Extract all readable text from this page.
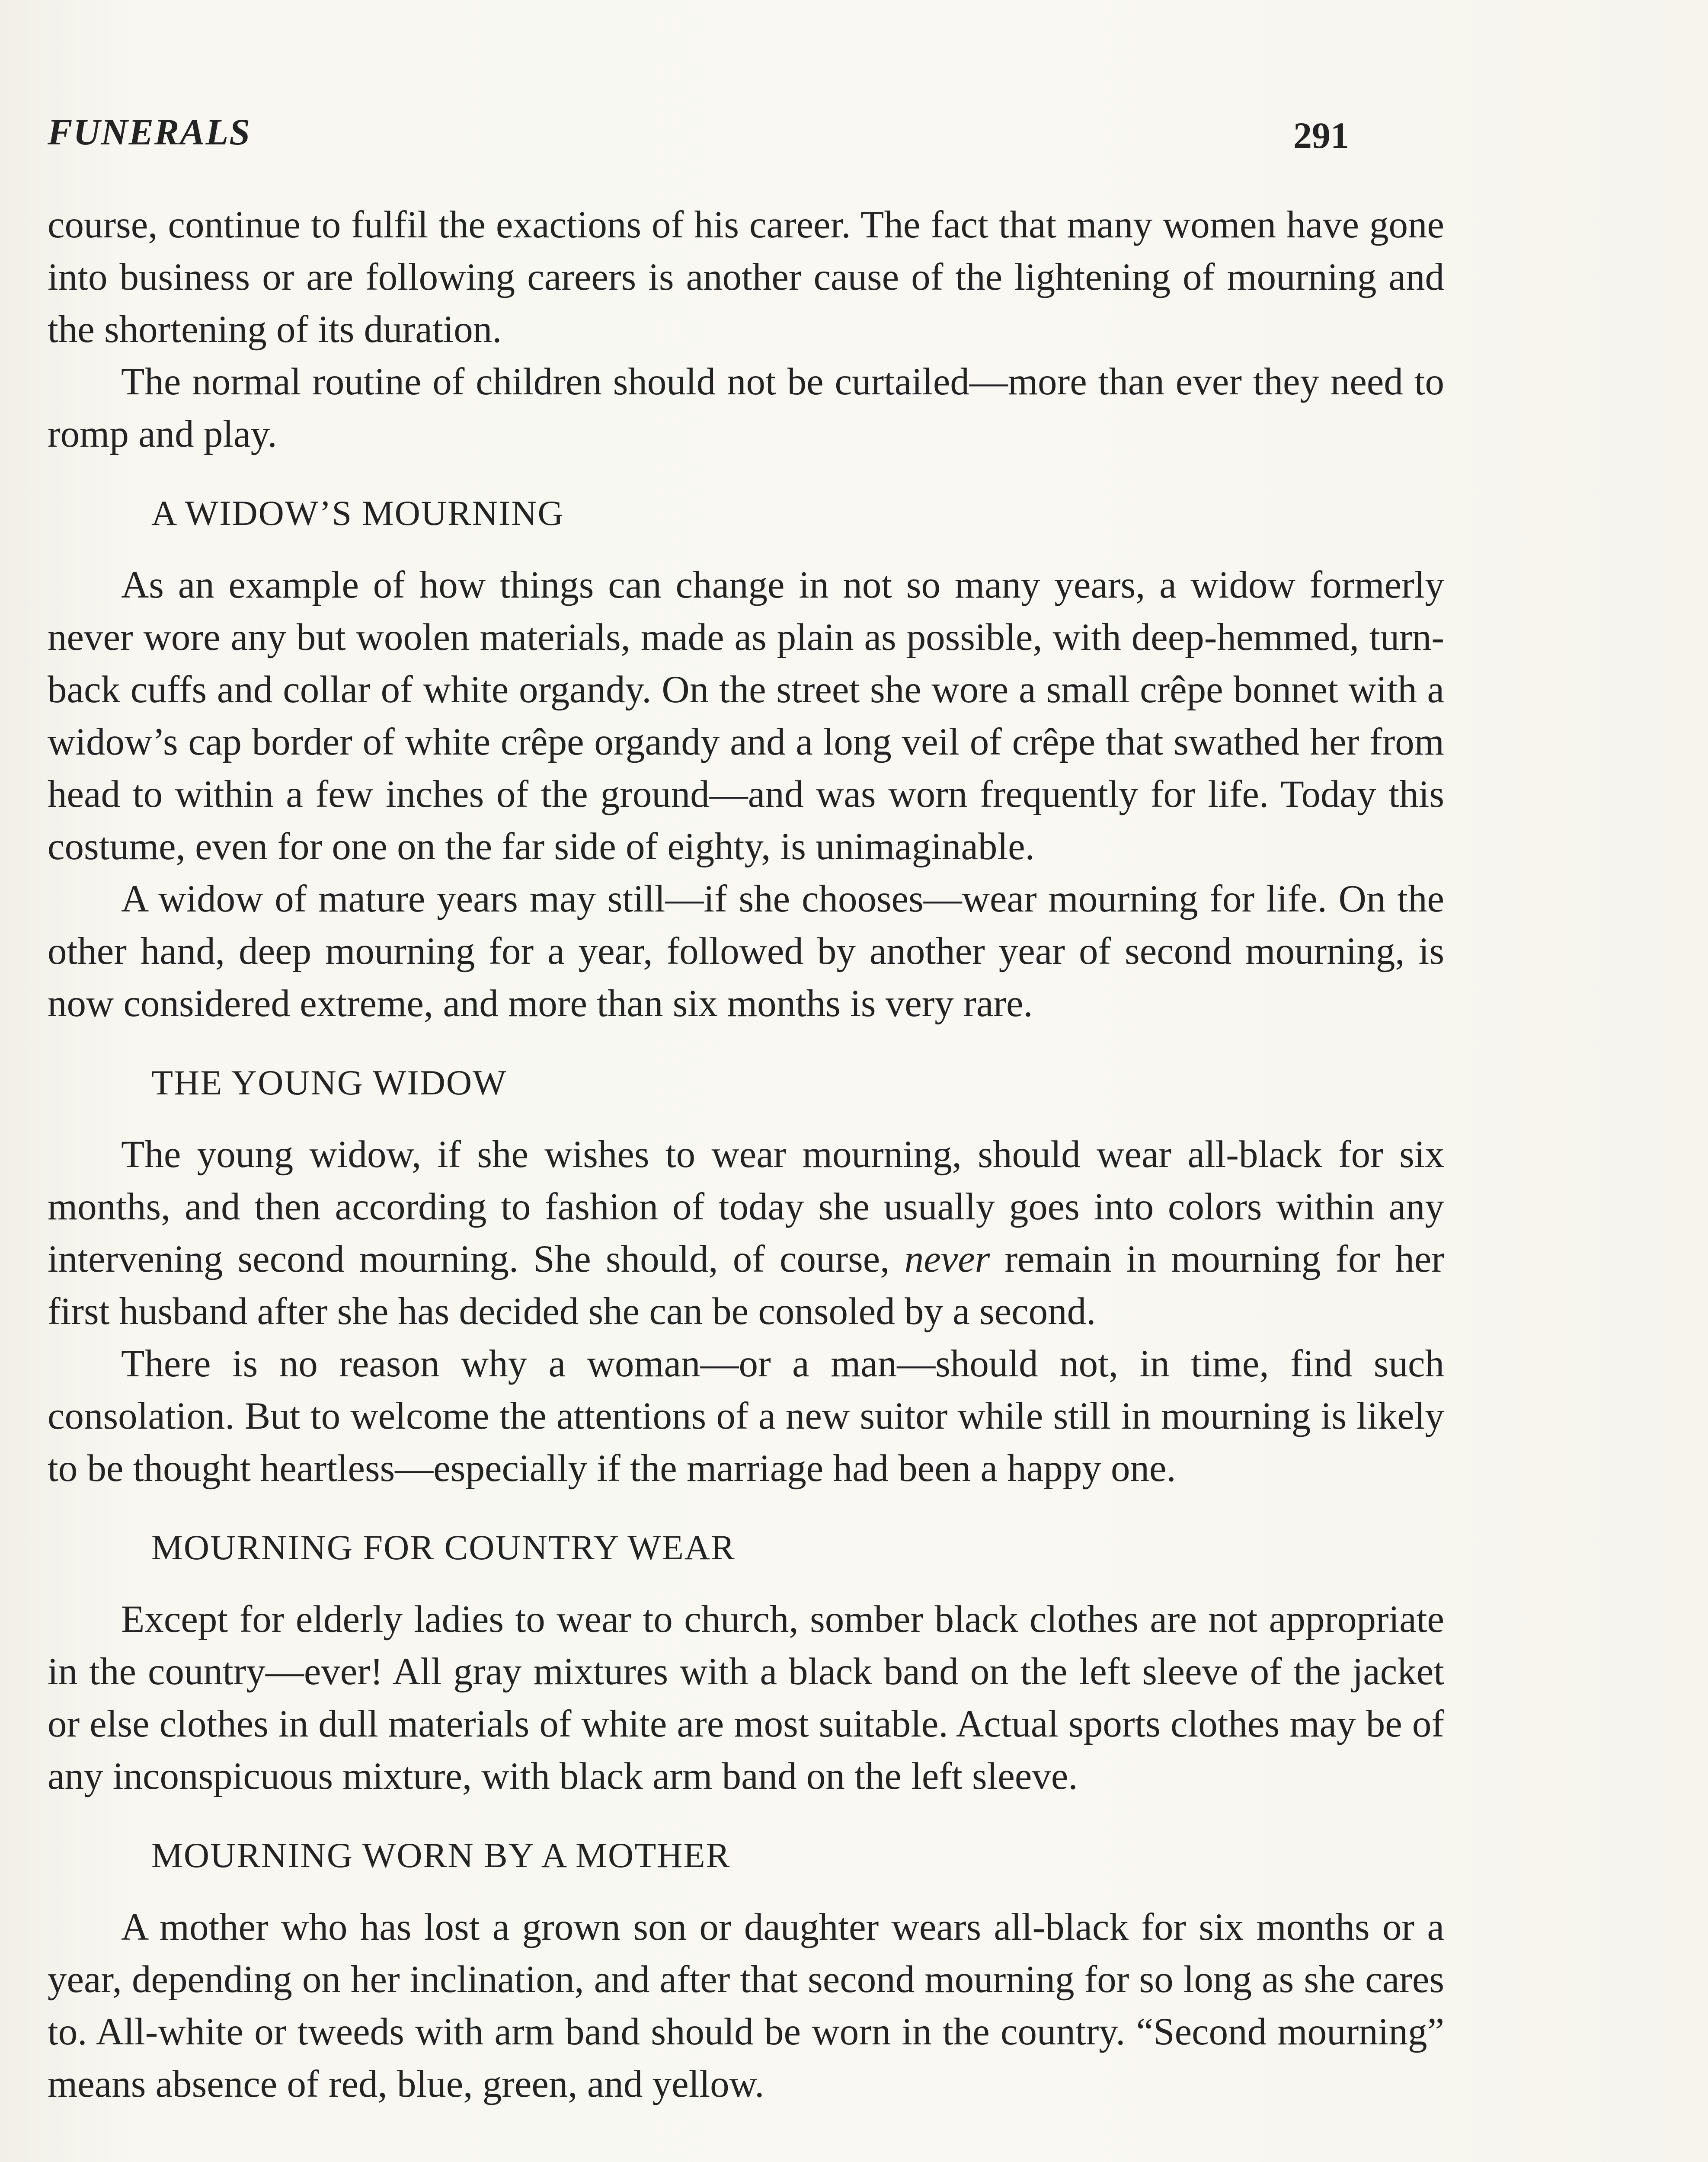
FUNERALS	291

course, continue to fulfil the exactions of his career. The fact that many women have gone into business or are following careers is another cause of the lightening of mourning and the shortening of its duration.

The normal routine of children should not be curtailed—more than ever they need to romp and play.

A WIDOW’S MOURNING

As an example of how things can change in not so many years, a widow formerly never wore any but woolen materials, made as plain as possible, with deep-hemmed, turn-back cuffs and collar of white organdy. On the street she wore a small crêpe bonnet with a widow’s cap border of white crêpe organdy and a long veil of crêpe that swathed her from head to within a few inches of the ground—and was worn frequently for life. Today this costume, even for one on the far side of eighty, is unimaginable.

A widow of mature years may still—if she chooses—wear mourning for life. On the other hand, deep mourning for a year, followed by another year of second mourning, is now considered extreme, and more than six months is very rare.

THE YOUNG WIDOW

The young widow, if she wishes to wear mourning, should wear all-black for six months, and then according to fashion of today she usually goes into colors within any intervening second mourning. She should, of course, never remain in mourning for her first husband after she has decided she can be consoled by a second.

There is no reason why a woman—or a man—should not, in time, find such consolation. But to welcome the attentions of a new suitor while still in mourning is likely to be thought heartless—especially if the marriage had been a happy one.

MOURNING FOR COUNTRY WEAR

Except for elderly ladies to wear to church, somber black clothes are not appropriate in the country—ever! All gray mixtures with a black band on the left sleeve of the jacket or else clothes in dull materials of white are most suitable. Actual sports clothes may be of any inconspicuous mixture, with black arm band on the left sleeve.

MOURNING WORN BY A MOTHER

A mother who has lost a grown son or daughter wears all-black for six months or a year, depending on her inclination, and after that second mourning for so long as she cares to. All-white or tweeds with arm band should be worn in the country. “Second mourning” means absence of red, blue, green, and yellow.
